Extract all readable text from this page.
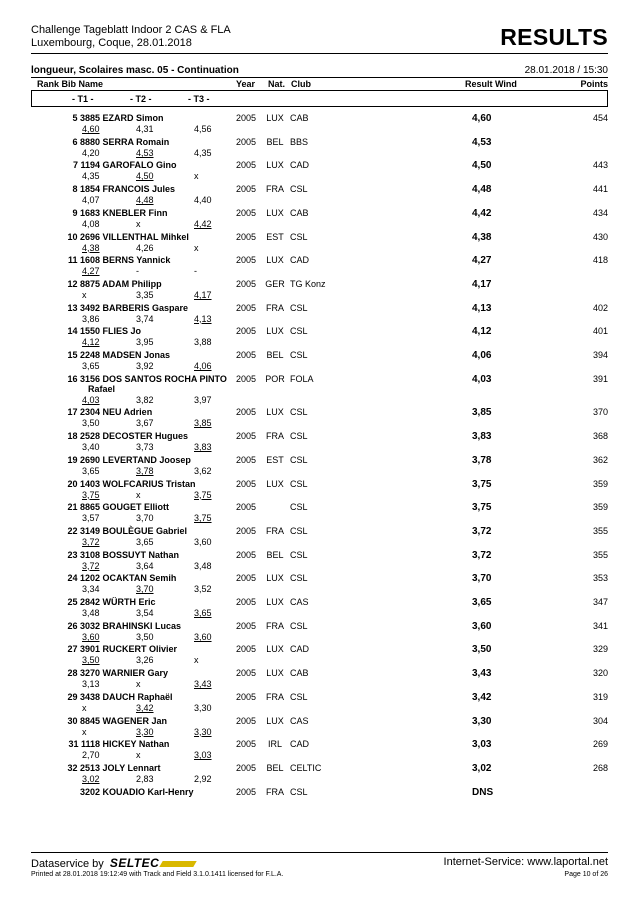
Challenge Tageblatt Indoor 2 CAS & FLA
Luxembourg, Coque, 28.01.2018	RESULTS
longueur, Scolaires masc. 05 - Continuation	28.01.2018 / 15:30
Rank Bib Name	Year Nat. Club	Result Wind	Points
- T1 -	- T2 -	- T3 -
5 3885 EZARD Simon	2005	LUX CAB	4,60	454
4,60	4,31	4,56
6 8880 SERRA Romain	2005	BEL BBS	4,53
4,20	4,53	4,35
7 1194 GAROFALO Gino	2005	LUX CAD	4,50	443
4,35	4,50	x
8 1854 FRANCOIS Jules	2005	FRA CSL	4,48	441
4,07	4,48	4,40
9 1683 KNEBLER Finn	2005	LUX CAB	4,42	434
4,08	x	4,42
10 2696 VILLENTHAL Mihkel	2005	EST CSL	4,38	430
4,38	4,26	x
11 1608 BERNS Yannick	2005	LUX CAD	4,27	418
4,27	-	-
12 8875 ADAM Philipp	2005	GER TG Konz	4,17
x	3,35	4,17
13 3492 BARBERIS Gaspare	2005	FRA CSL	4,13	402
3,86	3,74	4,13
14 1550 FLIES Jo	2005	LUX CSL	4,12	401
4,12	3,95	3,88
15 2248 MADSEN Jonas	2005	BEL CSL	4,06	394
3,65	3,92	4,06
16 3156 DOS SANTOS ROCHA PINTO
Rafael
2005	POR FOLA	4,03	391
4,03	3,82	3,97
17 2304 NEU Adrien	2005	LUX CSL	3,85	370
3,50	3,67	3,85
18 2528 DECOSTER Hugues	2005	FRA CSL	3,83	368
3,40	3,73	3,83
19 2690 LEVERTAND Joosep	2005	EST CSL	3,78	362
3,65	3,78	3,62
20 1403 WOLFCARIUS Tristan	2005	LUX CSL	3,75	359
3,75	x	3,75
21 8865 GOUGET Elliott	2005	CSL	3,75	359
3,57	3,70	3,75
22 3149 BOULÈGUE Gabriel	2005	FRA CSL	3,72	355
3,72	3,65	3,60
23 3108 BOSSUYT Nathan	2005	BEL CSL	3,72	355
3,72	3,64	3,48
24 1202 OCAKTAN Semih	2005	LUX CSL	3,70	353
3,34	3,70	3,52
25 2842 WÜRTH Eric	2005	LUX CAS	3,65	347
3,48	3,54	3,65
26 3032 BRAHINSKI Lucas	2005	FRA CSL	3,60	341
3,60	3,50	3,60
27 3901 RUCKERT Olivier	2005	LUX CAD	3,50	329
3,50	3,26	x
28 3270 WARNIER Gary	2005	LUX CAB	3,43	320
3,13	x	3,43
29 3438 DAUCH Raphaël	2005	FRA CSL	3,42	319
x	3,42	3,30
30 8845 WAGENER Jan	2005	LUX CAS	3,30	304
x	3,30	3,30
31 1118 HICKEY Nathan	2005	IRL CAD	3,03	269
2,70	x	3,03
32 2513 JOLY Lennart	2005	BEL CELTIC	3,02	268
3,02	2,83	2,92
3202 KOUADIO Karl-Henry	2005	FRA CSL	DNS
Dataservice by SELTEC	Internet-Service: www.laportal.net
Printed at 28.01.2018 19:12:49 with Track and Field 3.1.0.1411 licensed for F.L.A.	Page 10 of 26
